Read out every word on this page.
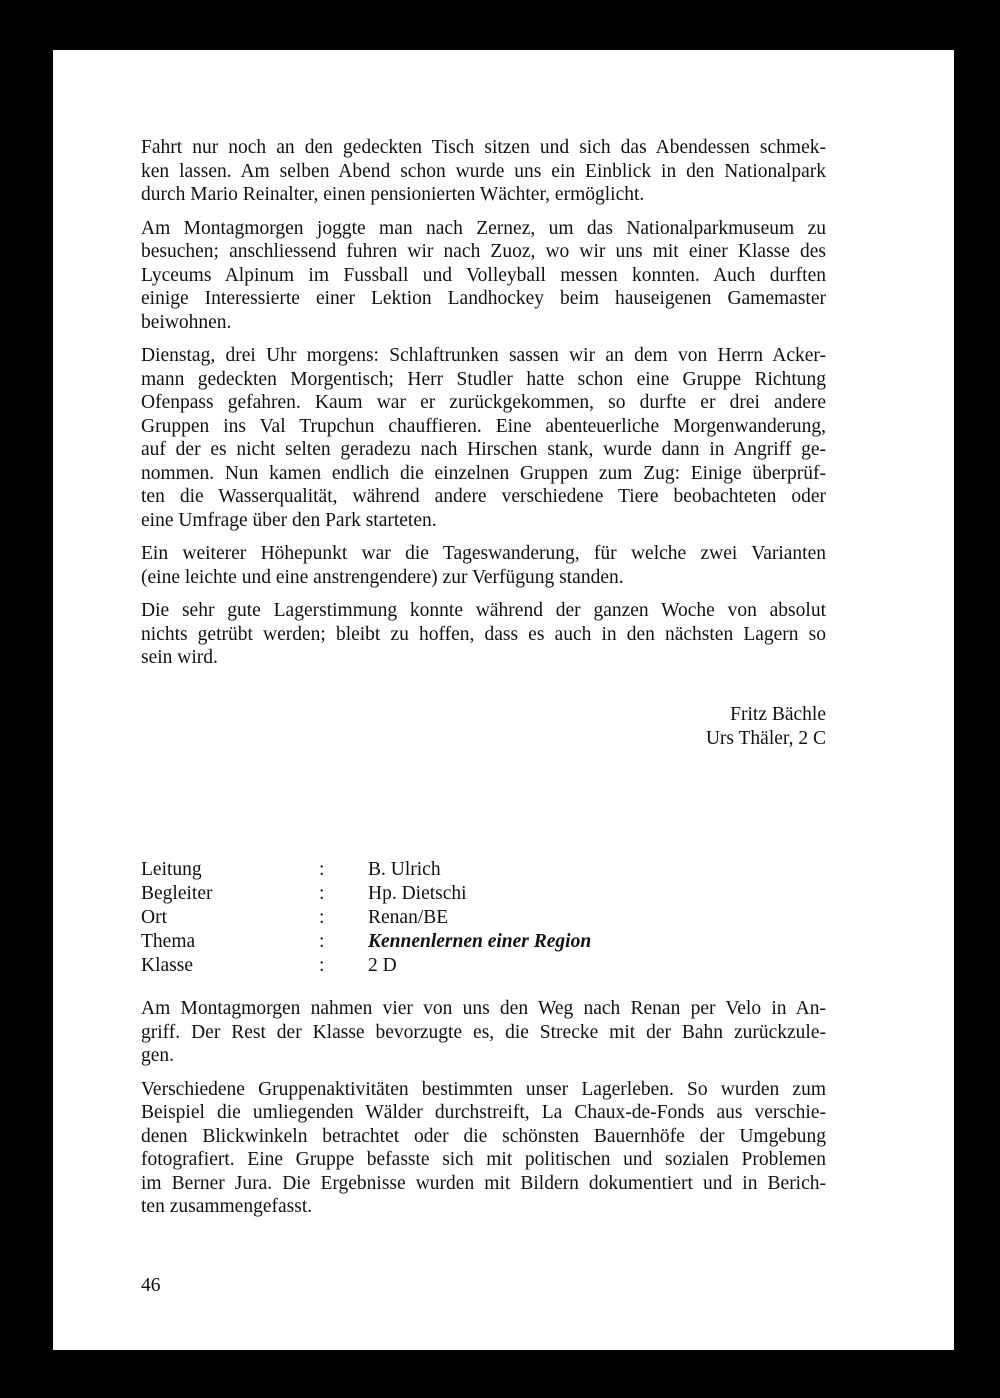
Fahrt nur noch an den gedeckten Tisch sitzen und sich das Abendessen schmek-
ken lassen. Am selben Abend schon wurde uns ein Einblick in den Nationalpark
durch Mario Reinalter, einen pensionierten Wächter, ermöglicht.

Am Montagmorgen joggte man nach Zernez, um das Nationalparkmuseum zu
besuchen; anschliessend fuhren wir nach Zuoz, wo wir uns mit einer Klasse des
Lyceums Alpinum im Fussball und Volleyball messen konnten. Auch durften
einige Interessierte einer Lektion Landhockey beim hauseigenen Gamemaster
beiwohnen.

Dienstag, drei Uhr morgens: Schlaftrunken sassen wir an dem von Herrn Acker-
mann gedeckten Morgentisch; Herr Studler hatte schon eine Gruppe Richtung
Ofenpass gefahren. Kaum war er zurückgekommen, so durfte er drei andere
Gruppen ins Val Trupchun chauffieren. Eine abenteuerliche Morgenwanderung,
auf der es nicht selten geradezu nach Hirschen stank, wurde dann in Angriff ge-
nommen. Nun kamen endlich die einzelnen Gruppen zum Zug: Einige überprüf-
ten die Wasserqualität, während andere verschiedene Tiere beobachteten oder
eine Umfrage über den Park starteten.

Ein weiterer Höhepunkt war die Tageswanderung, für welche zwei Varianten
(eine leichte und eine anstrengendere) zur Verfügung standen.

Die sehr gute Lagerstimmung konnte während der ganzen Woche von absolut
nichts getrübt werden; bleibt zu hoffen, dass es auch in den nächsten Lagern so
sein wird.

Fritz Bächle
Urs Thäler, 2 C
Leitung	: B. Ulrich
Begleiter	: Hp. Dietschi
Ort	: Renan/BE
Thema	: Kennenlernen einer Region
Klasse	: 2 D

Am Montagmorgen nahmen vier von uns den Weg nach Renan per Velo in An-
griff. Der Rest der Klasse bevorzugte es, die Strecke mit der Bahn zurückzule-
gen.

Verschiedene Gruppenaktivitäten bestimmten unser Lagerleben. So wurden zum
Beispiel die umliegenden Wälder durchstreift, La Chaux-de-Fonds aus verschie-
denen Blickwinkeln betrachtet oder die schönsten Bauernhöfe der Umgebung
fotografiert. Eine Gruppe befasste sich mit politischen und sozialen Problemen
im Berner Jura. Die Ergebnisse wurden mit Bildern dokumentiert und in Berich-
ten zusammengefasst.

46
